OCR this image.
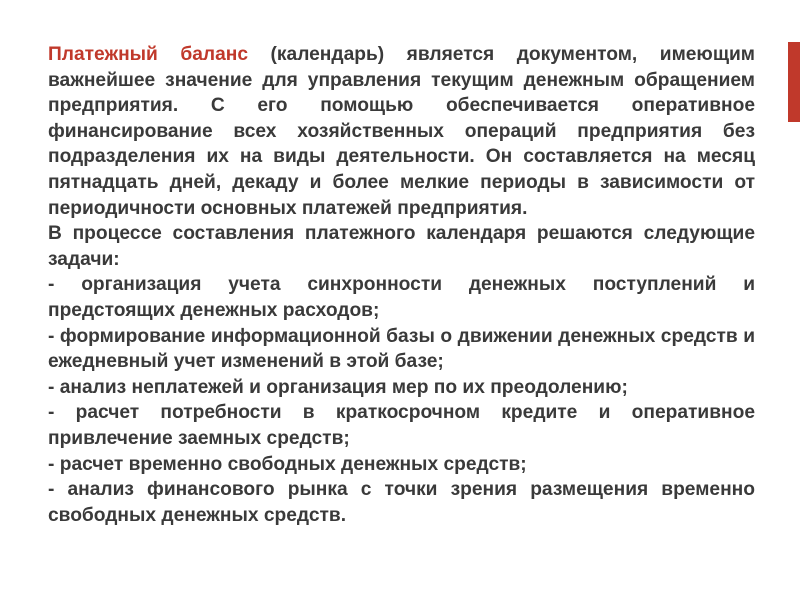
Платежный баланс (календарь) является документом, имеющим важнейшее значение для управления текущим денежным обращением предприятия. С его помощью обеспечивается оперативное финансирование всех хозяйственных операций предприятия без подразделения их на виды деятельности. Он составляется на месяц пятнадцать дней, декаду и более мелкие периоды в зависимости от периодичности основных платежей предприятия.

В процессе составления платежного календаря решаются следующие задачи:

- организация учета синхронности денежных поступлений и предстоящих денежных расходов;

- формирование информационной базы о движении денежных средств и ежедневный учет изменений в этой базе;

- анализ неплатежей и организация мер по их преодолению;

- расчет потребности в краткосрочном кредите и оперативное привлечение заемных средств;

- расчет временно свободных денежных средств;

- анализ финансового рынка с точки зрения размещения временно свободных денежных средств.
